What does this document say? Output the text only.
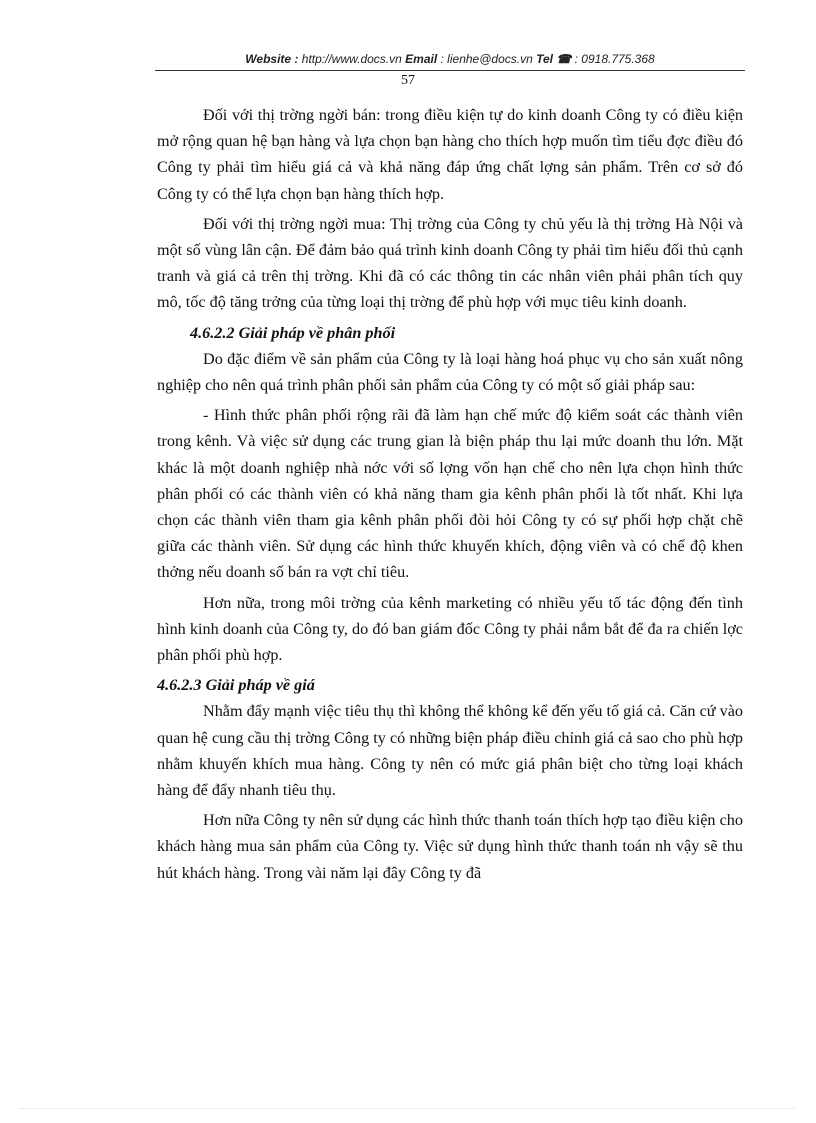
Website : http://www.docs.vn Email : lienhe@docs.vn Tel ☎ : 0918.775.368
57

Đối với thị trờng ngời bán: trong điều kiện tự do kinh doanh Công ty có điều kiện mở rộng quan hệ bạn hàng và lựa chọn bạn hàng cho thích hợp muốn tìm tiểu đợc điều đó Công ty phải tìm hiểu giá cả và khả năng đáp ứng chất lợng sản phẩm. Trên cơ sở đó Công ty có thể lựa chọn bạn hàng thích hợp.

Đối với thị trờng ngời mua: Thị trờng của Công ty chủ yếu là thị trờng Hà Nội và một số vùng lân cận. Để đảm bảo quá trình kinh doanh Công ty phải tìm hiểu đối thủ cạnh tranh và giá cả trên thị trờng. Khi đã có các thông tin các nhân viên phải phân tích quy mô, tốc độ tăng trởng của từng loại thị trờng để phù hợp với mục tiêu kinh doanh.

4.6.2.2 Giải pháp về phân phối

Do đặc điểm về sản phẩm của Công ty là loại hàng hoá phục vụ cho sản xuất nông nghiệp cho nên quá trình phân phối sản phẩm của Công ty có một số giải pháp sau:

- Hình thức phân phối rộng rãi đã làm hạn chế mức độ kiểm soát các thành viên trong kênh. Và việc sử dụng các trung gian là biện pháp thu lại mức doanh thu lớn. Mặt khác là một doanh nghiệp nhà nớc với số lợng vốn hạn chế cho nên lựa chọn hình thức phân phối có các thành viên có khả năng tham gia kênh phân phối là tốt nhất. Khi lựa chọn các thành viên tham gia kênh phân phối đòi hỏi Công ty có sự phối hợp chặt chẽ giữa các thành viên. Sử dụng các hình thức khuyến khích, động viên và có chế độ khen thởng nếu doanh số bán ra vợt chỉ tiêu.

Hơn nữa, trong môi trờng của kênh marketing có nhiều yếu tố tác động đến tình hình kinh doanh của Công ty, do đó ban giám đốc Công ty phải nắm bắt để đa ra chiến lợc phân phối phù hợp.

4.6.2.3 Giải pháp về giá

Nhằm đẩy mạnh việc tiêu thụ thì không thể không kể đến yếu tố giá cả. Căn cứ vào quan hệ cung cầu thị trờng Công ty có những biện pháp điều chỉnh giá cả sao cho phù hợp nhằm khuyến khích mua hàng. Công ty nên có mức giá phân biệt cho từng loại khách hàng để đẩy nhanh tiêu thụ.

Hơn nữa Công ty nên sử dụng các hình thức thanh toán thích hợp tạo điều kiện cho khách hàng mua sản phẩm của Công ty. Việc sử dụng hình thức thanh toán nh vậy sẽ thu hút khách hàng. Trong vài năm lại đây Công ty đã
